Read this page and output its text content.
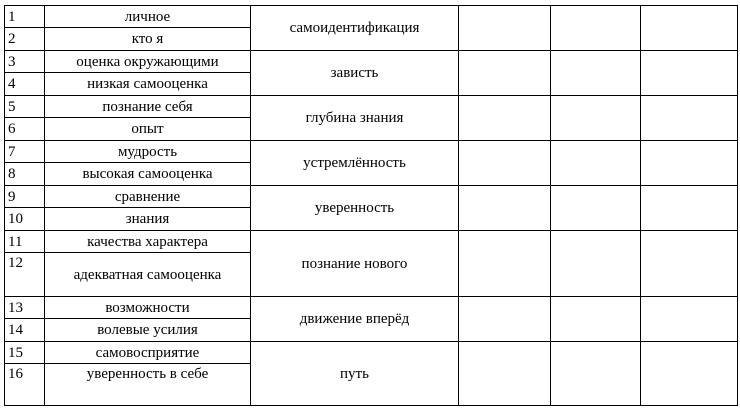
1	личное	самоидентификация			
2	кто я				
3	оценка окружающими	зависть			
4	низкая самооценка				
5	познание себя	глубина знания			
6	опыт				
7	мудрость	устремлённость			
8	высокая самооценка				
9	сравнение	уверенность			
10	знания				
11	качества характера	познание нового			
12	адекватная самооценка				
13	возможности	движение вперёд			
14	волевые усилия				
15	самовосприятие	путь			
16	уверенность в себе				
